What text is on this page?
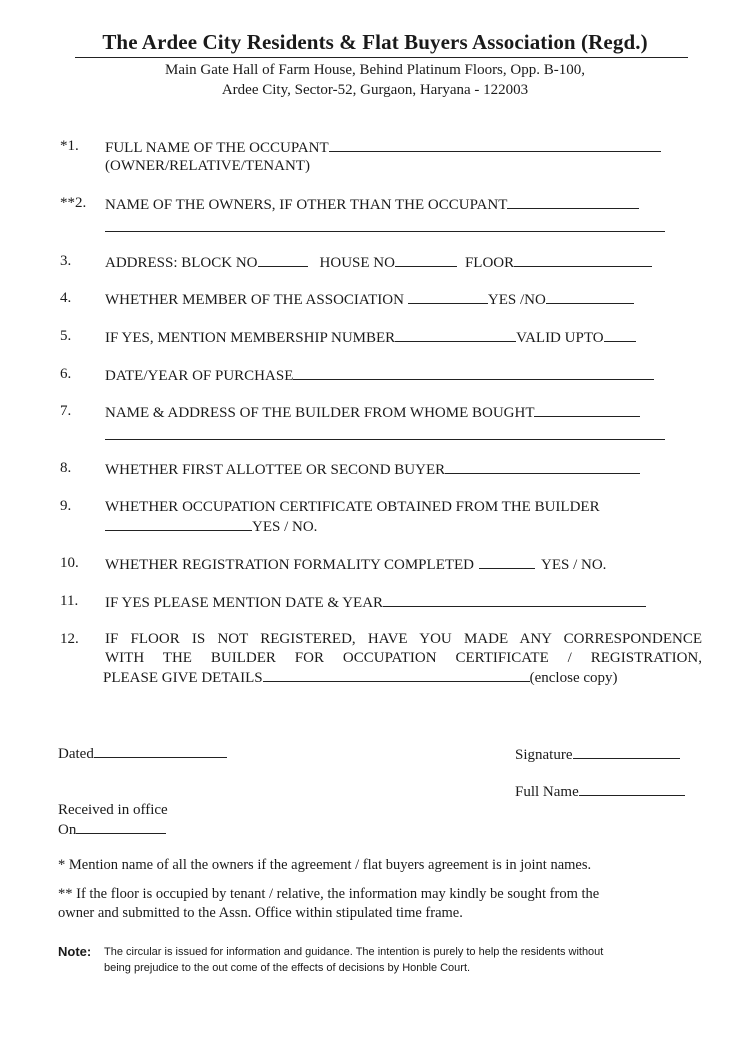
The Ardee City Residents & Flat Buyers Association (Regd.)
Main Gate Hall of Farm House, Behind Platinum Floors, Opp. B-100,
Ardee City, Sector-52, Gurgaon, Haryana - 122003
*1. FULL NAME OF THE OCCUPANT
(OWNER/RELATIVE/TENANT)
**2. NAME OF THE OWNERS, IF OTHER THAN THE OCCUPANT
3. ADDRESS: BLOCK NO	HOUSE NO	FLOOR
4. WHETHER MEMBER OF THE ASSOCIATION	YES /NO
5. IF YES, MENTION MEMBERSHIP NUMBER	VALID UPTO
6. DATE/YEAR OF PURCHASE
7. NAME & ADDRESS OF THE BUILDER FROM WHOME BOUGHT
8. WHETHER FIRST ALLOTTEE OR SECOND BUYER
9. WHETHER OCCUPATION CERTIFICATE OBTAINED FROM THE BUILDER
YES / NO.
10. WHETHER REGISTRATION FORMALITY COMPLETED	YES / NO.
11. IF YES PLEASE MENTION DATE & YEAR
12. IF FLOOR IS NOT REGISTERED, HAVE YOU MADE ANY CORRESPONDENCE
WITH THE BUILDER FOR OCCUPATION CERTIFICATE / REGISTRATION,
PLEASE GIVE DETAILS	(enclose copy)
Dated	Signature
Full Name
Received in office
On
* Mention name of all the owners if the agreement / flat buyers agreement is in joint names.
** If the floor is occupied by tenant / relative, the information may kindly be sought from the
owner and submitted to the Assn. Office within stipulated time frame.
Note: The circular is issued for information and guidance. The intention is purely to help the residents without
being prejudice to the out come of the effects of decisions by Honble Court.
